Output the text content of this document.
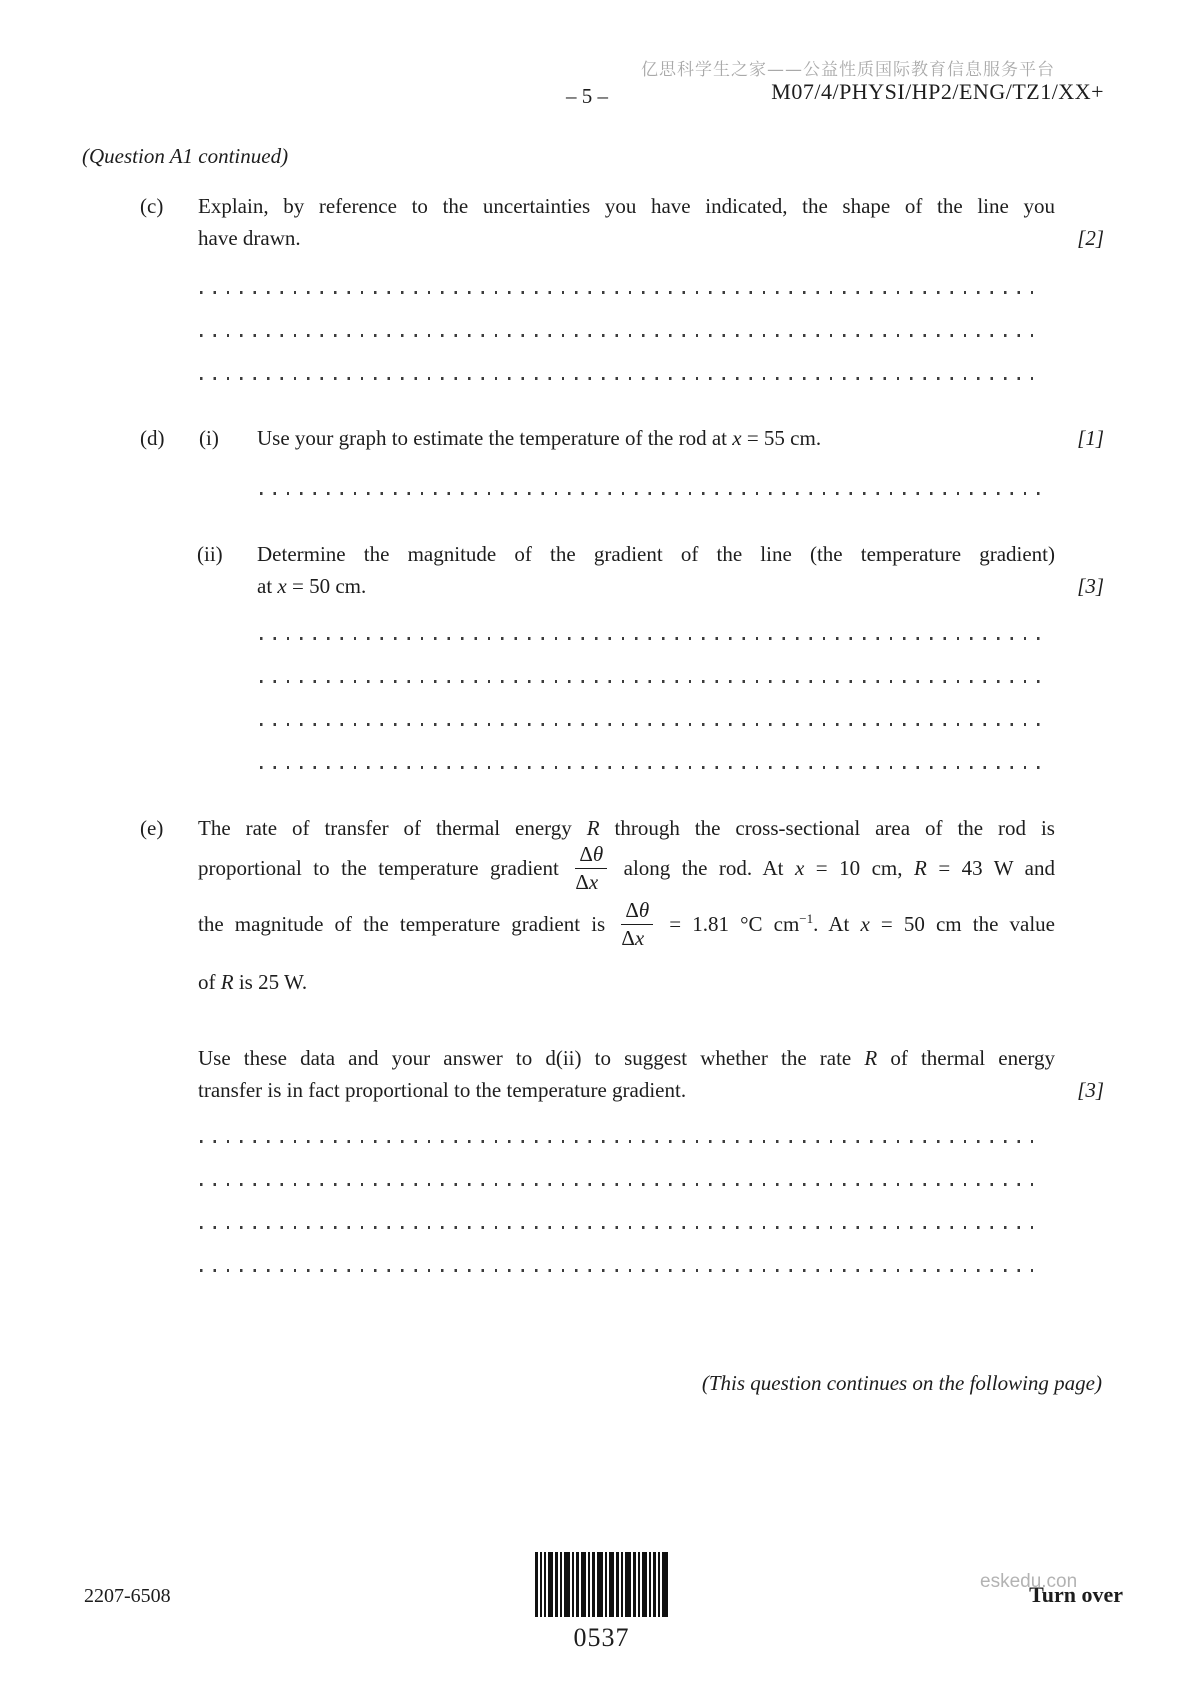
亿思科学生之家——公益性质国际教育信息服务平台
– 5 –	M07/4/PHYSI/HP2/ENG/TZ1/XX+
(Question A1 continued)
(c) Explain, by reference to the uncertainties you have indicated, the shape of the line you
have drawn.	[2]
(d) (i) Use your graph to estimate the temperature of the rod at x = 55 cm.	[1]
(ii) Determine the magnitude of the gradient of the line (the temperature gradient)
at x = 50 cm.	[3]
(e) The rate of transfer of thermal energy R through the cross-sectional area of the rod is
proportional to the temperature gradient $\frac{\Delta\theta}{\Delta x}$ along the rod. At x = 10 cm, R = 43 W and
the magnitude of the temperature gradient is $\frac{\Delta\theta}{\Delta x} = 1.81$ °C $cm^{-1}$. At x = 50 cm the value
of R is 25 W.
Use these data and your answer to d(ii) to suggest whether the rate R of thermal energy
transfer is in fact proportional to the temperature gradient.	[3]
(This question continues on the following page)
2207-6508
0537
eskedu.con
Turn over
